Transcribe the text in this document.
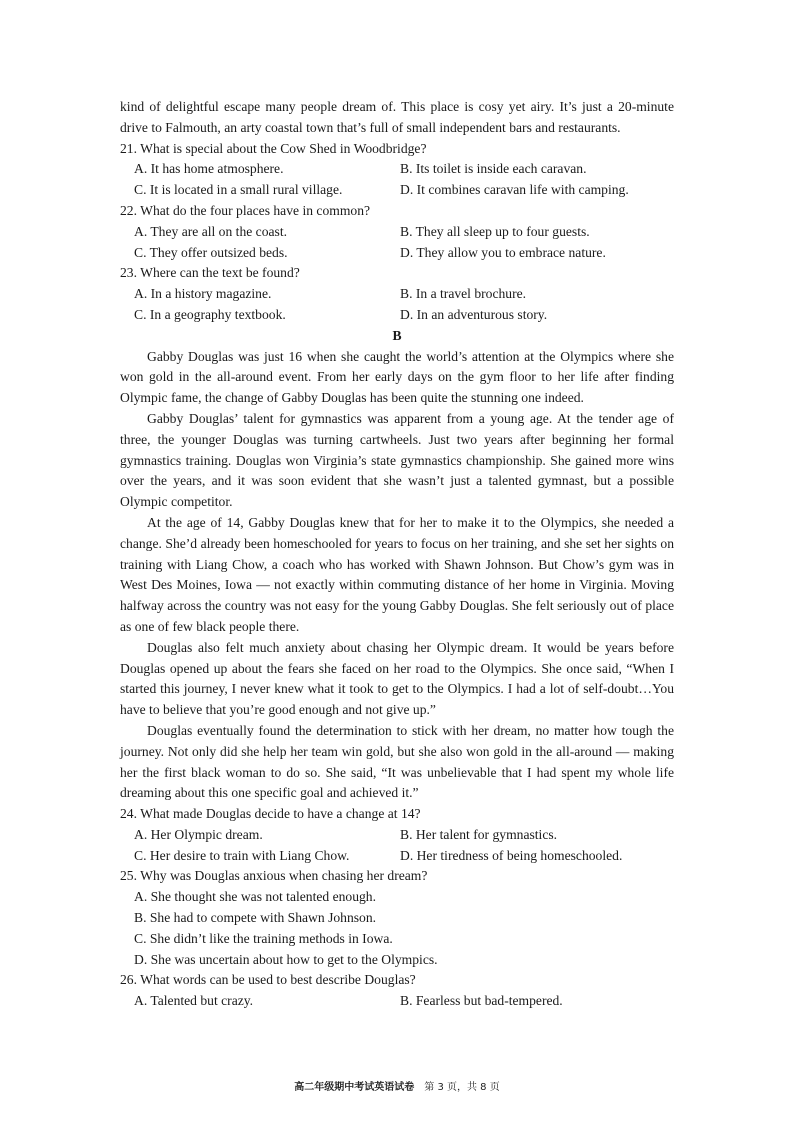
kind of delightful escape many people dream of. This place is cosy yet airy. It’s just a 20-minute drive to Falmouth, an arty coastal town that’s full of small independent bars and restaurants.

21. What is special about the Cow Shed in Woodbridge?

A. It has home atmosphere.	B. Its toilet is inside each caravan.
C. It is located in a small rural village.	D. It combines caravan life with camping.

22. What do the four places have in common?

A. They are all on the coast.	B. They all sleep up to four guests.
C. They offer outsized beds.	D. They allow you to embrace nature.

23. Where can the text be found?

A. In a history magazine.	B. In a travel brochure.
C. In a geography textbook.	D. In an adventurous story.

B

Gabby Douglas was just 16 when she caught the world’s attention at the Olympics where she won gold in the all-around event. From her early days on the gym floor to her life after finding Olympic fame, the change of Gabby Douglas has been quite the stunning one indeed.

Gabby Douglas’ talent for gymnastics was apparent from a young age. At the tender age of three, the younger Douglas was turning cartwheels. Just two years after beginning her formal gymnastics training. Douglas won Virginia’s state gymnastics championship. She gained more wins over the years, and it was soon evident that she wasn’t just a talented gymnast, but a possible Olympic competitor.

At the age of 14, Gabby Douglas knew that for her to make it to the Olympics, she needed a change. She’d already been homeschooled for years to focus on her training, and she set her sights on training with Liang Chow, a coach who has worked with Shawn Johnson. But Chow’s gym was in West Des Moines, Iowa — not exactly within commuting distance of her home in Virginia. Moving halfway across the country was not easy for the young Gabby Douglas. She felt seriously out of place as one of few black people there.

Douglas also felt much anxiety about chasing her Olympic dream. It would be years before Douglas opened up about the fears she faced on her road to the Olympics. She once said, “When I started this journey, I never knew what it took to get to the Olympics. I had a lot of self-doubt…You have to believe that you’re good enough and not give up.”

Douglas eventually found the determination to stick with her dream, no matter how tough the journey. Not only did she help her team win gold, but she also won gold in the all-around — making her the first black woman to do so. She said, “It was unbelievable that I had spent my whole life dreaming about this one specific goal and achieved it.”

24. What made Douglas decide to have a change at 14?

A. Her Olympic dream.	B. Her talent for gymnastics.
C. Her desire to train with Liang Chow.	D. Her tiredness of being homeschooled.

25. Why was Douglas anxious when chasing her dream?

A. She thought she was not talented enough.

B. She had to compete with Shawn Johnson.

C. She didn’t like the training methods in Iowa.

D. She was uncertain about how to get to the Olympics.

26. What words can be used to best describe Douglas?

A. Talented but crazy.	B. Fearless but bad-tempered.
高二年级期中考试英语试卷 第 3 页，共 8 页
